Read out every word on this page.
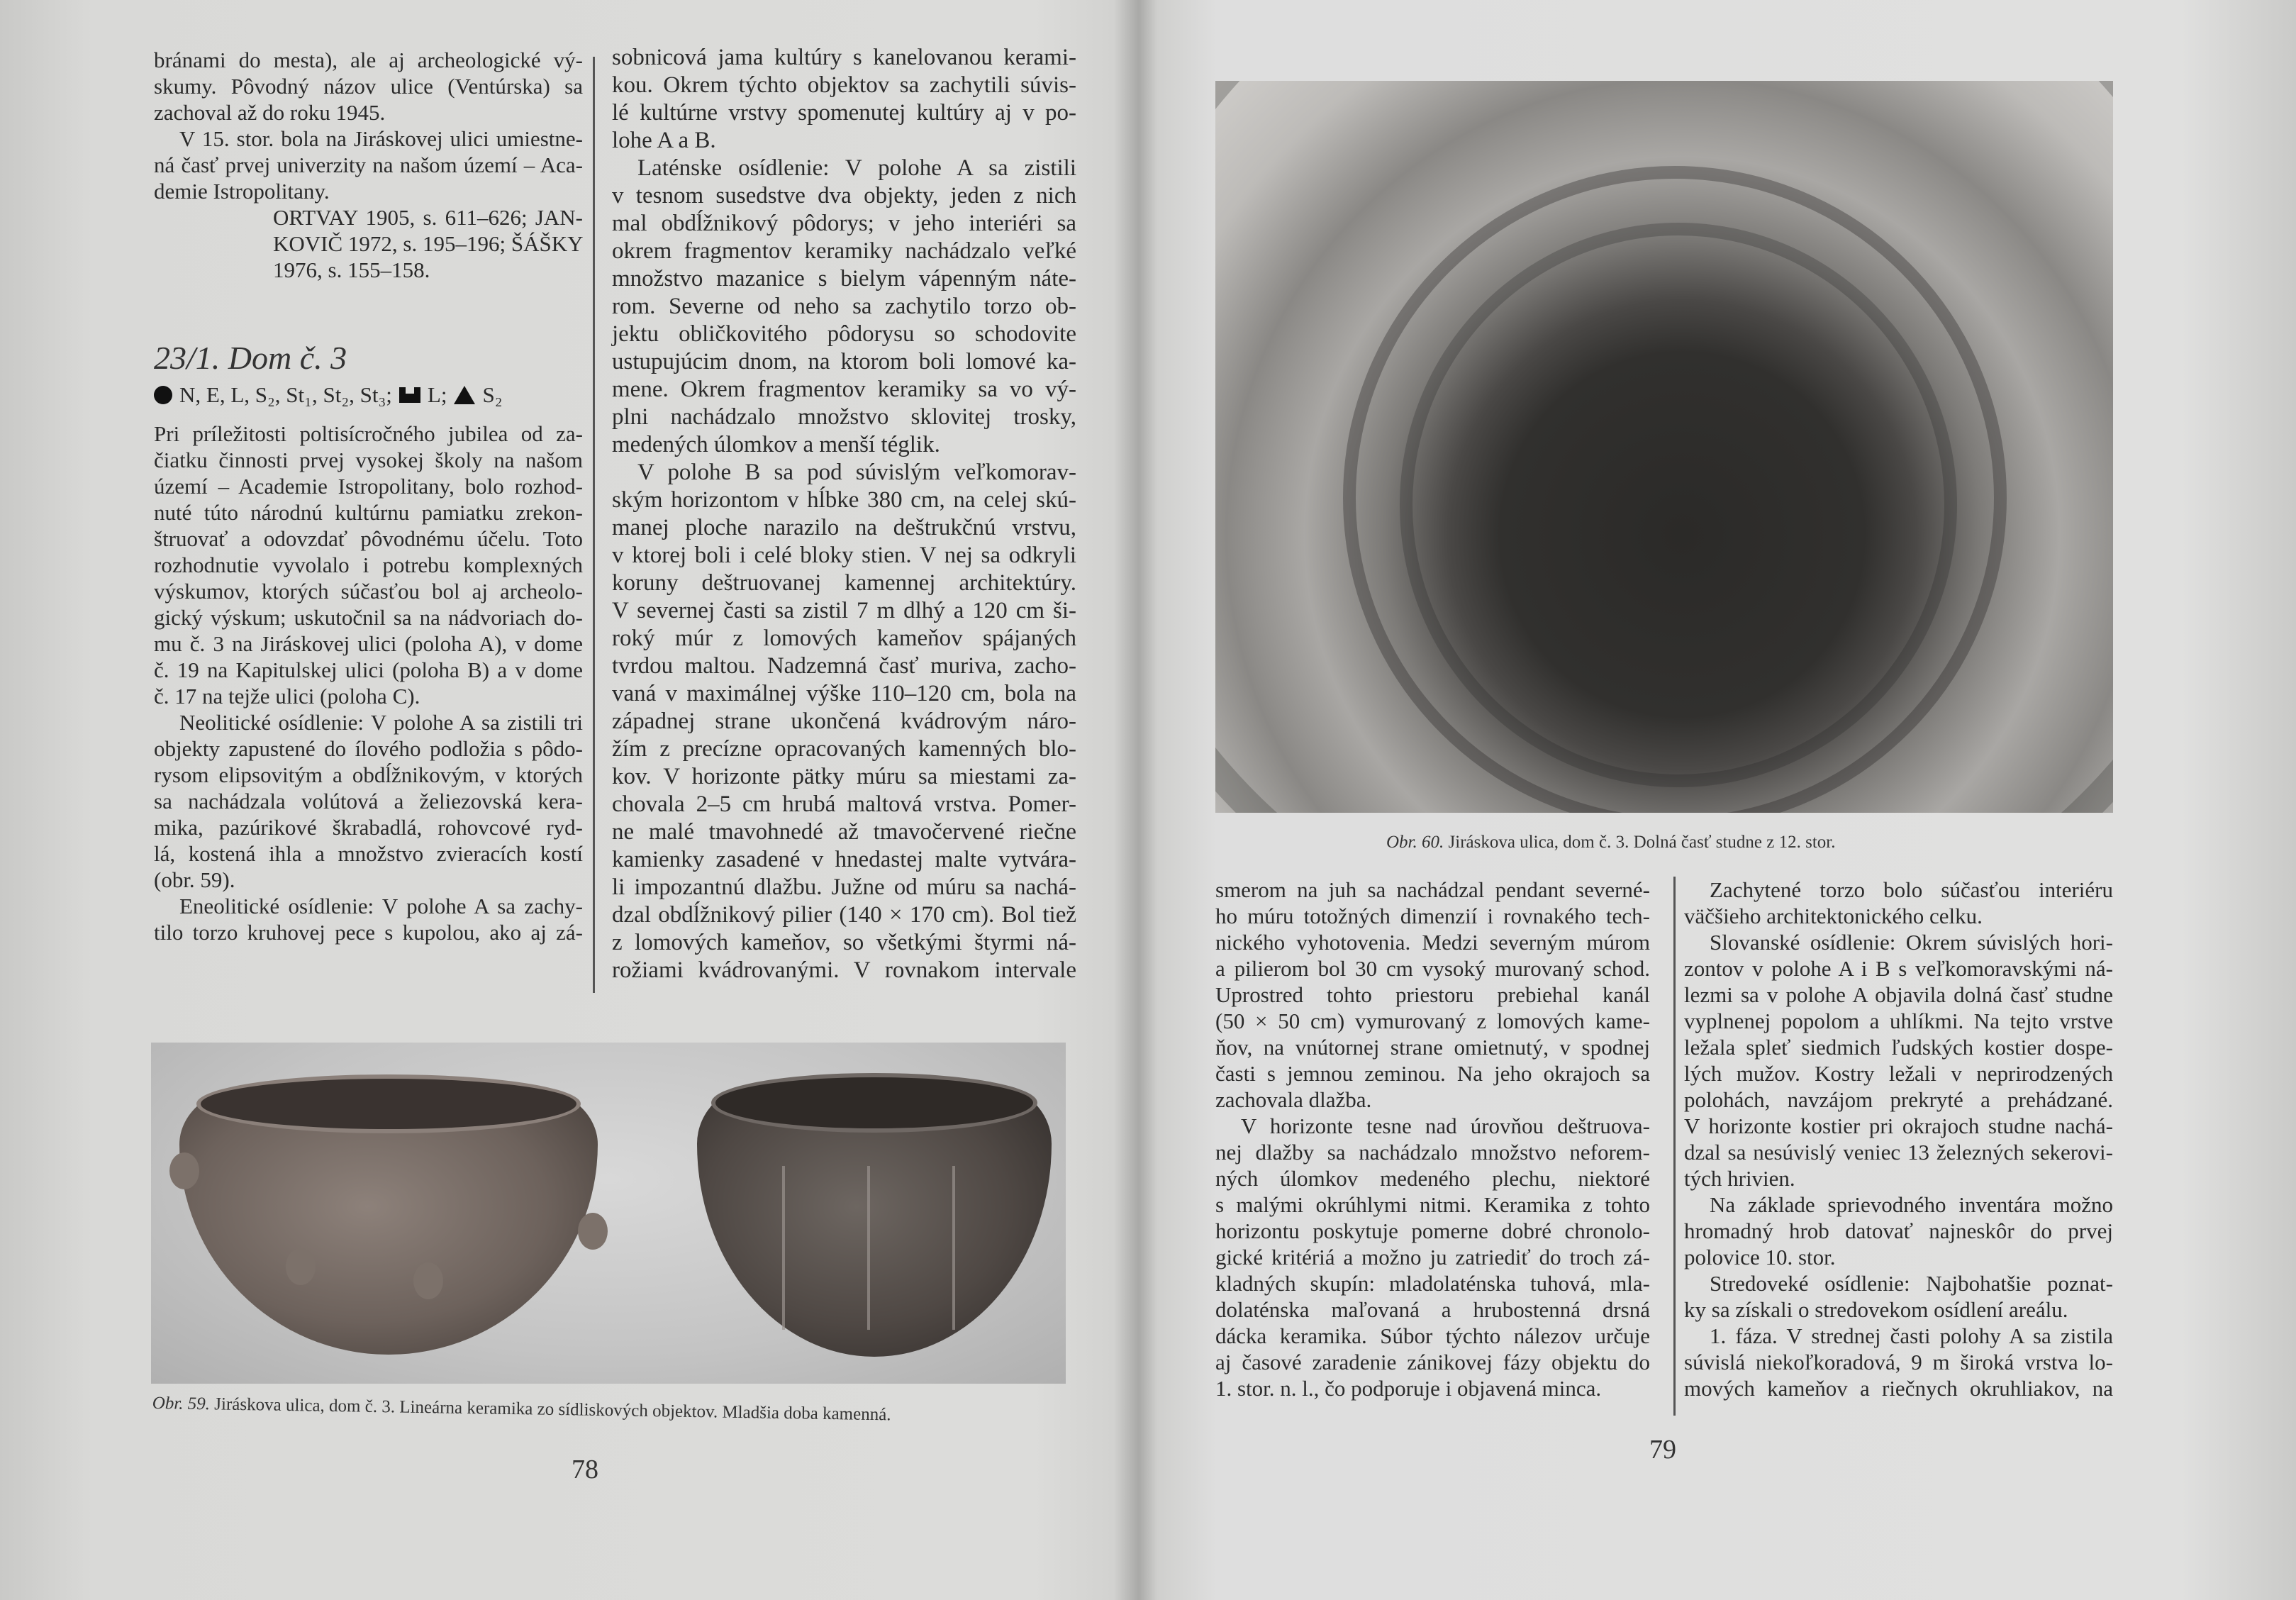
bránami do mesta), ale aj archeologické vý-
skumy. Pôvodný názov ulice (Ventúrska) sa
zachoval až do roku 1945.
V 15. stor. bola na Jiráskovej ulici umiestne-
ná časť prvej univerzity na našom území – Aca-
demie Istropolitany.
ORTVAY 1905, s. 611–626; JAN-
KOVIČ 1972, s. 195–196; ŠÁŠKY
1976, s. 155–158.
23/1. Dom č. 3
N, E, L, S₂, St₁, St₂, St₃; L; S₂
Pri príležitosti poltisícročného jubilea od za-
čiatku činnosti prvej vysokej školy na našom
území – Academie Istropolitany, bolo rozhod-
nuté túto národnú kultúrnu pamiatku zrekon-
štruovať a odovzdať pôvodnému účelu. Toto
rozhodnutie vyvolalo i potrebu komplexných
výskumov, ktorých súčasťou bol aj archeolo-
gický výskum; uskutočnil sa na nádvoriach do-
mu č. 3 na Jiráskovej ulici (poloha A), v dome
č. 19 na Kapitulskej ulici (poloha B) a v dome
č. 17 na tejže ulici (poloha C).
Neolitické osídlenie: V polohe A sa zistili tri
objekty zapustené do ílového podložia s pôdo-
rysom elipsovitým a obdĺžnikovým, v ktorých
sa nachádzala volútová a želiezovská kera-
mika, pazúrikové škrabadlá, rohovcové ryd-
lá, kostená ihla a množstvo zvieracích kostí
(obr. 59).
Eneolitické osídlenie: V polohe A sa zachy-
tilo torzo kruhovej pece s kupolou, ako aj zá-
sobnicová jama kultúry s kanelovanou kerami-
kou. Okrem týchto objektov sa zachytili súvis-
lé kultúrne vrstvy spomenutej kultúry aj v po-
lohe A a B.
Laténske osídlenie: V polohe A sa zistili
v tesnom susedstve dva objekty, jeden z nich
mal obdĺžnikový pôdorys; v jeho interiéri sa
okrem fragmentov keramiky nachádzalo veľké
množstvo mazanice s bielym vápenným náte-
rom. Severne od neho sa zachytilo torzo ob-
jektu obličkovitého pôdorysu so schodovite
ustupujúcim dnom, na ktorom boli lomové ka-
mene. Okrem fragmentov keramiky sa vo vý-
plni nachádzalo množstvo sklovitej trosky,
medených úlomkov a menší téglik.
V polohe B sa pod súvislým veľkomorav-
ským horizontom v hĺbke 380 cm, na celej skú-
manej ploche narazilo na deštrukčnú vrstvu,
v ktorej boli i celé bloky stien. V nej sa odkryli
koruny deštruovanej kamennej architektúry.
V severnej časti sa zistil 7 m dlhý a 120 cm ši-
roký múr z lomových kameňov spájaných
tvrdou maltou. Nadzemná časť muriva, zacho-
vaná v maximálnej výške 110–120 cm, bola na
západnej strane ukončená kvádrovým náro-
žím z precízne opracovaných kamenných blo-
kov. V horizonte pätky múru sa miestami za-
chovala 2–5 cm hrubá maltová vrstva. Pomer-
ne malé tmavohnedé až tmavočervené riečne
kamienky zasadené v hnedastej malte vytvára-
li impozantnú dlažbu. Južne od múru sa nachá-
dzal obdĺžnikový pilier (140 × 170 cm). Bol tiež
z lomových kameňov, so všetkými štyrmi ná-
rožiami kvádrovanými. V rovnakom intervale
Obr. 59. Jiráskova ulica, dom č. 3. Lineárna keramika zo sídliskových objektov. Mladšia doba kamenná.
78
Obr. 60. Jiráskova ulica, dom č. 3. Dolná časť studne z 12. stor.
smerom na juh sa nachádzal pendant severné-
ho múru totožných dimenzií i rovnakého tech-
nického vyhotovenia. Medzi severným múrom
a pilierom bol 30 cm vysoký murovaný schod.
Uprostred tohto priestoru prebiehal kanál
(50 × 50 cm) vymurovaný z lomových kame-
ňov, na vnútornej strane omietnutý, v spodnej
časti s jemnou zeminou. Na jeho okrajoch sa
zachovala dlažba.
V horizonte tesne nad úrovňou deštruova-
nej dlažby sa nachádzalo množstvo neforem-
ných úlomkov medeného plechu, niektoré
s malými okrúhlymi nitmi. Keramika z tohto
horizontu poskytuje pomerne dobré chronolo-
gické kritériá a možno ju zatriediť do troch zá-
kladných skupín: mladolaténska tuhová, mla-
dolaténska maľovaná a hrubostenná drsná
dácka keramika. Súbor týchto nálezov určuje
aj časové zaradenie zánikovej fázy objektu do
1. stor. n. l., čo podporuje i objavená minca.
Zachytené torzo bolo súčasťou interiéru
väčšieho architektonického celku.
Slovanské osídlenie: Okrem súvislých hori-
zontov v polohe A i B s veľkomoravskými ná-
lezmi sa v polohe A objavila dolná časť studne
vyplnenej popolom a uhlíkmi. Na tejto vrstve
ležala spleť siedmich ľudských kostier dospe-
lých mužov. Kostry ležali v neprirodzených
polohách, navzájom prekryté a prehádzané.
V horizonte kostier pri okrajoch studne nachá-
dzal sa nesúvislý veniec 13 železných sekerovi-
tých hrivien.
Na základe sprievodného inventára možno
hromadný hrob datovať najneskôr do prvej
polovice 10. stor.
Stredoveké osídlenie: Najbohatšie poznat-
ky sa získali o stredovekom osídlení areálu.
1. fáza. V strednej časti polohy A sa zistila
súvislá niekoľkoradová, 9 m široká vrstva lo-
mových kameňov a riečnych okruhliakov, na
79
